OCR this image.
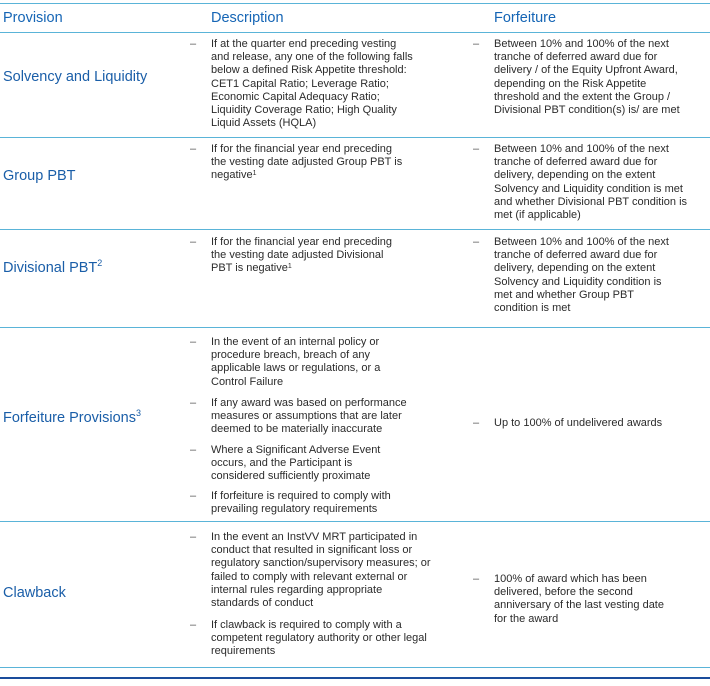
Provision	Description	Forfeiture
Solvency and Liquidity
– If at the quarter end preceding vesting
and release, any one of the following falls
below a defined Risk Appetite threshold:
CET1 Capital Ratio; Leverage Ratio;
Economic Capital Adequacy Ratio;
Liquidity Coverage Ratio; High Quality
Liquid Assets (HQLA)
– Between 10% and 100% of the next
tranche of deferred award due for
delivery / of the Equity Upfront Award,
depending on the Risk Appetite
threshold and the extent the Group /
Divisional PBT condition(s) is/ are met
Group PBT
– If for the financial year end preceding
the vesting date adjusted Group PBT is
negative$^1$
– Between 10% and 100% of the next
tranche of deferred award due for
delivery, depending on the extent
Solvency and Liquidity condition is met
and whether Divisional PBT condition is
met (if applicable)
Divisional PBT$^2$
– If for the financial year end preceding
the vesting date adjusted Divisional
PBT is negative$^1$
– Between 10% and 100% of the next
tranche of deferred award due for
delivery, depending on the extent
Solvency and Liquidity condition is
met and whether Group PBT
condition is met
Forfeiture Provisions$^3$
– In the event of an internal policy or
procedure breach, breach of any
applicable laws or regulations, or a
Control Failure
– If any award was based on performance
measures or assumptions that are later
deemed to be materially inaccurate
– Where a Significant Adverse Event
occurs, and the Participant is
considered sufficiently proximate
– If forfeiture is required to comply with
prevailing regulatory requirements
– Up to 100% of undelivered awards
Clawback
– In the event an InstVV MRT participated in
conduct that resulted in significant loss or
regulatory sanction/supervisory measures; or
failed to comply with relevant external or
internal rules regarding appropriate
standards of conduct
– If clawback is required to comply with a
competent regulatory authority or other legal
requirements
– 100% of award which has been
delivered, before the second
anniversary of the last vesting date
for the award
